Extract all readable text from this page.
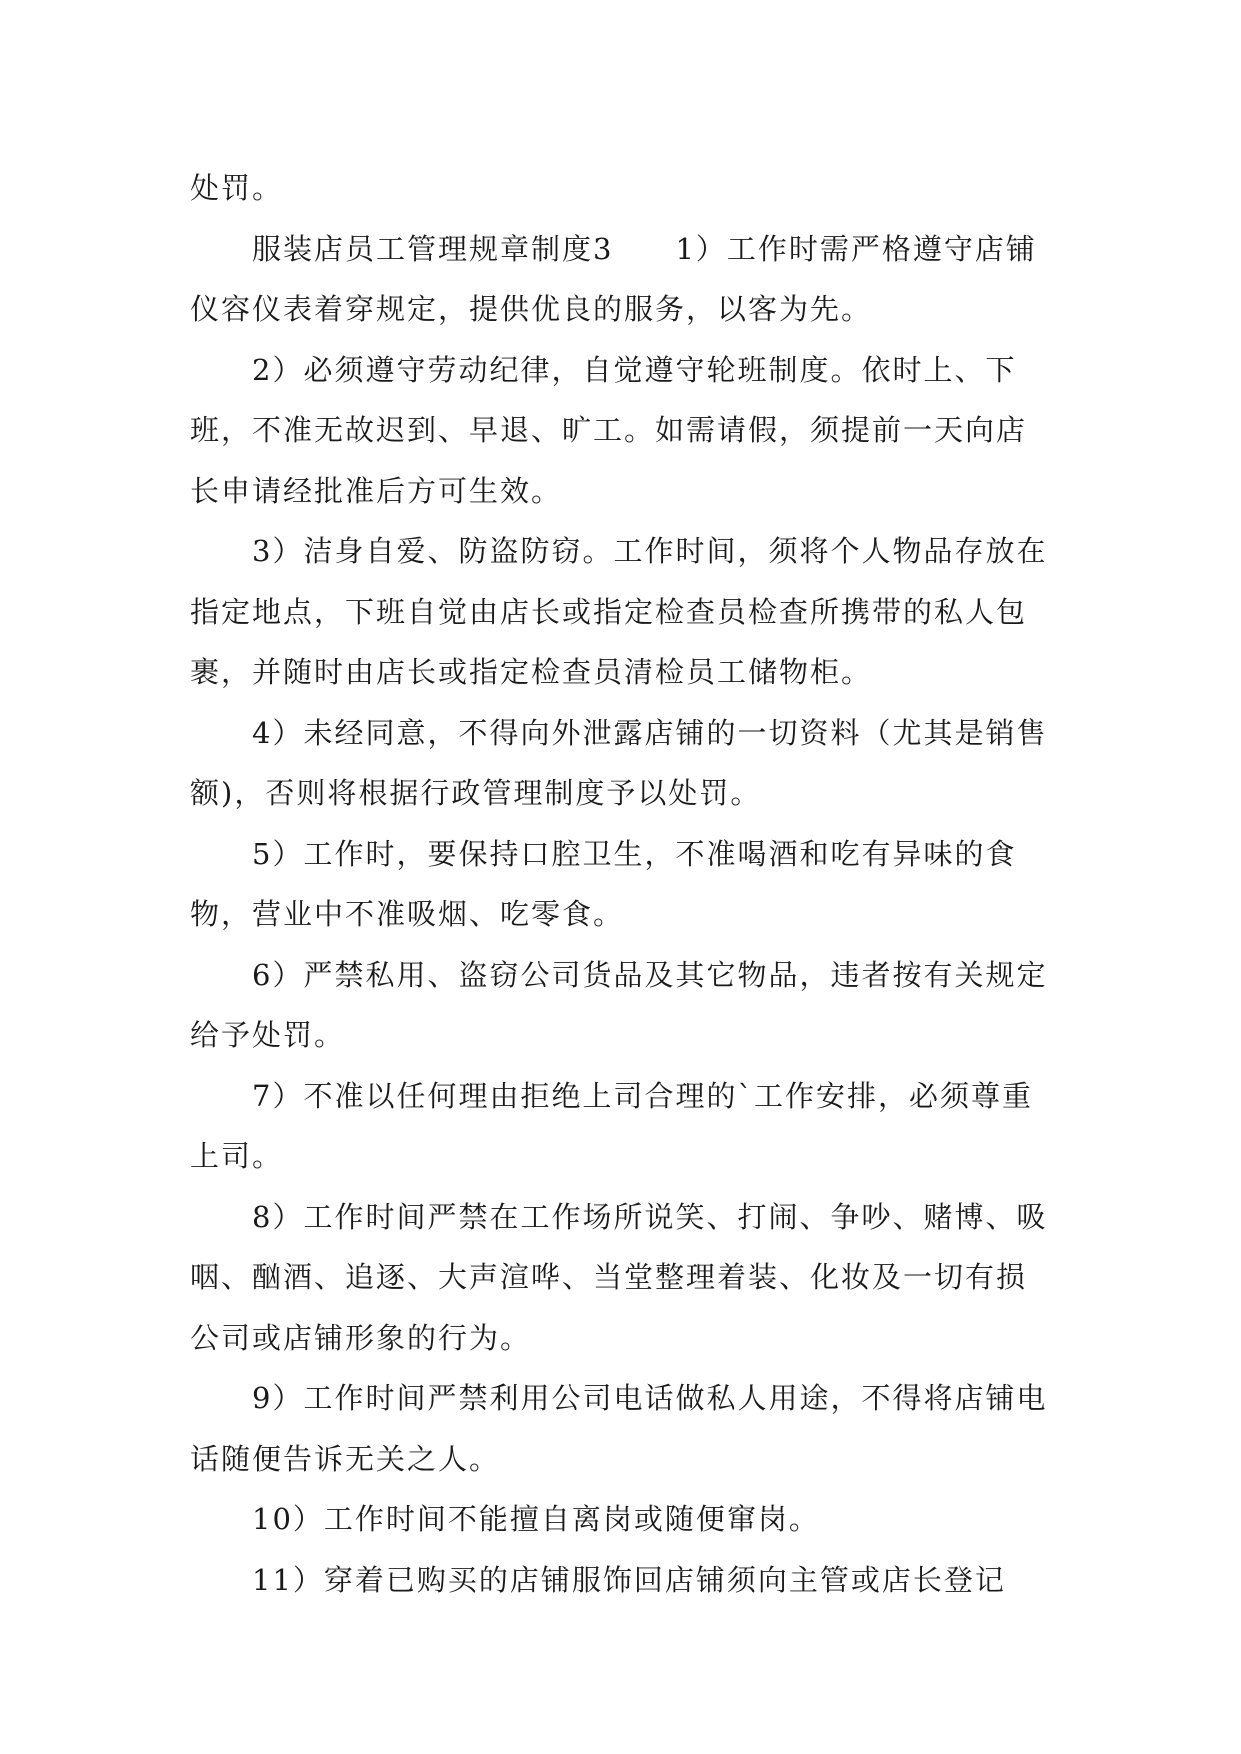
处罚。

服装店员工管理规章制度3　　1）工作时需严格遵守店铺仪容仪表着穿规定，提供优良的服务，以客为先。

2）必须遵守劳动纪律，自觉遵守轮班制度。依时上、下班，不准无故迟到、早退、旷工。如需请假，须提前一天向店长申请经批准后方可生效。

3）洁身自爱、防盗防窃。工作时间，须将个人物品存放在指定地点，下班自觉由店长或指定检查员检查所携带的私人包裹，并随时由店长或指定检查员清检员工储物柜。

4）未经同意，不得向外泄露店铺的一切资料（尤其是销售额)，否则将根据行政管理制度予以处罚。

5）工作时，要保持口腔卫生，不准喝酒和吃有异味的食物，营业中不准吸烟、吃零食。

6）严禁私用、盗窃公司货品及其它物品，违者按有关规定给予处罚。

7）不准以任何理由拒绝上司合理的`工作安排，必须尊重上司。

8）工作时间严禁在工作场所说笑、打闹、争吵、赌博、吸咽、酗酒、追逐、大声渲哗、当堂整理着装、化妆及一切有损公司或店铺形象的行为。

9）工作时间严禁利用公司电话做私人用途，不得将店铺电话随便告诉无关之人。

10）工作时间不能擅自离岗或随便窜岗。

11）穿着已购买的店铺服饰回店铺须向主管或店长登记
